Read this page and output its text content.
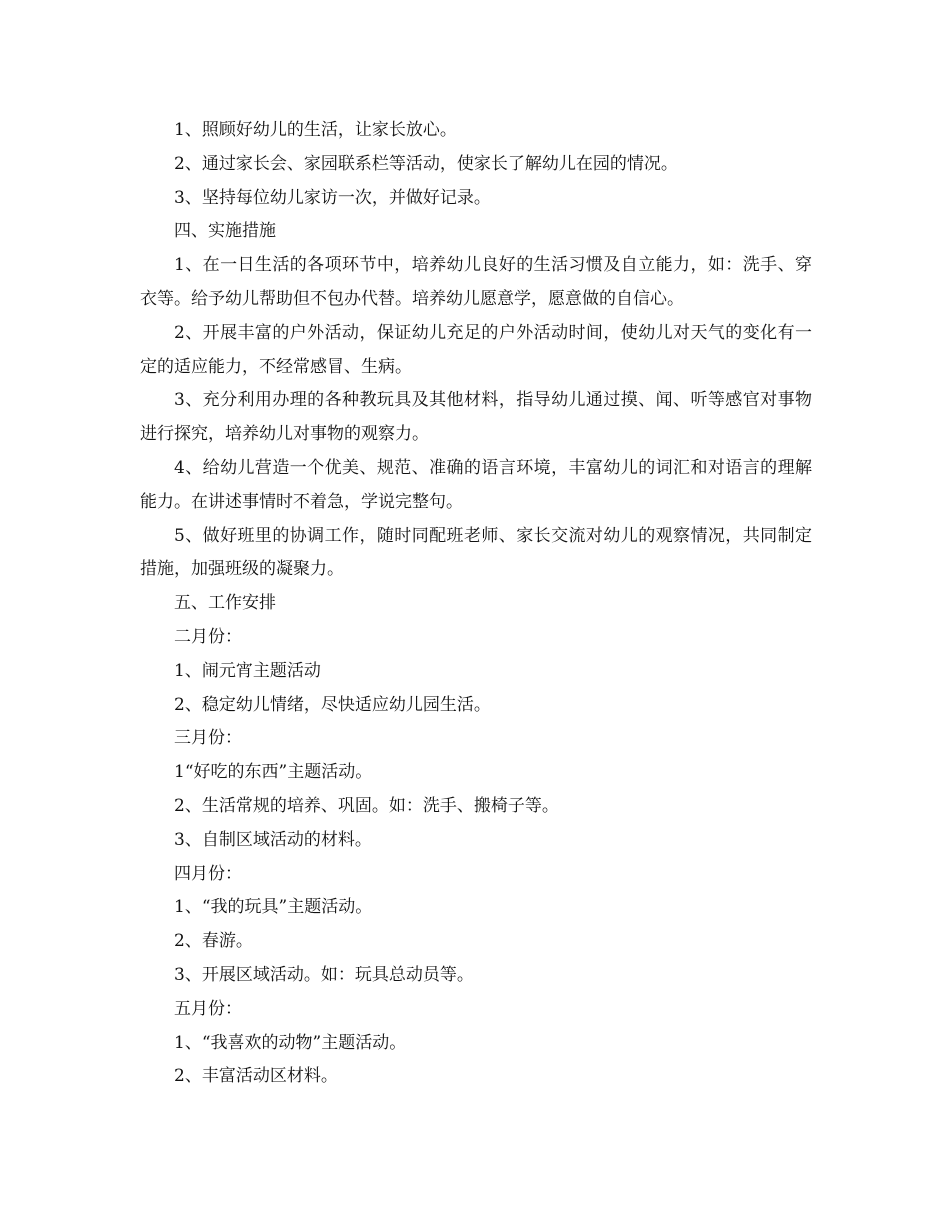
1、照顾好幼儿的生活，让家长放心。

2、通过家长会、家园联系栏等活动，使家长了解幼儿在园的情况。

3、坚持每位幼儿家访一次，并做好记录。

四、实施措施

1、在一日生活的各项环节中，培养幼儿良好的生活习惯及自立能力，如：洗手、穿衣等。给予幼儿帮助但不包办代替。培养幼儿愿意学，愿意做的自信心。

2、开展丰富的户外活动，保证幼儿充足的户外活动时间，使幼儿对天气的变化有一定的适应能力，不经常感冒、生病。

3、充分利用办理的各种教玩具及其他材料，指导幼儿通过摸、闻、听等感官对事物进行探究，培养幼儿对事物的观察力。

4、给幼儿营造一个优美、规范、准确的语言环境，丰富幼儿的词汇和对语言的理解能力。在讲述事情时不着急，学说完整句。

5、做好班里的协调工作，随时同配班老师、家长交流对幼儿的观察情况，共同制定措施，加强班级的凝聚力。

五、工作安排

二月份：

1、闹元宵主题活动

2、稳定幼儿情绪，尽快适应幼儿园生活。

三月份：

1“好吃的东西”主题活动。

2、生活常规的培养、巩固。如：洗手、搬椅子等。

3、自制区域活动的材料。

四月份：

1、“我的玩具”主题活动。

2、春游。

3、开展区域活动。如：玩具总动员等。

五月份：

1、“我喜欢的动物”主题活动。

2、丰富活动区材料。
